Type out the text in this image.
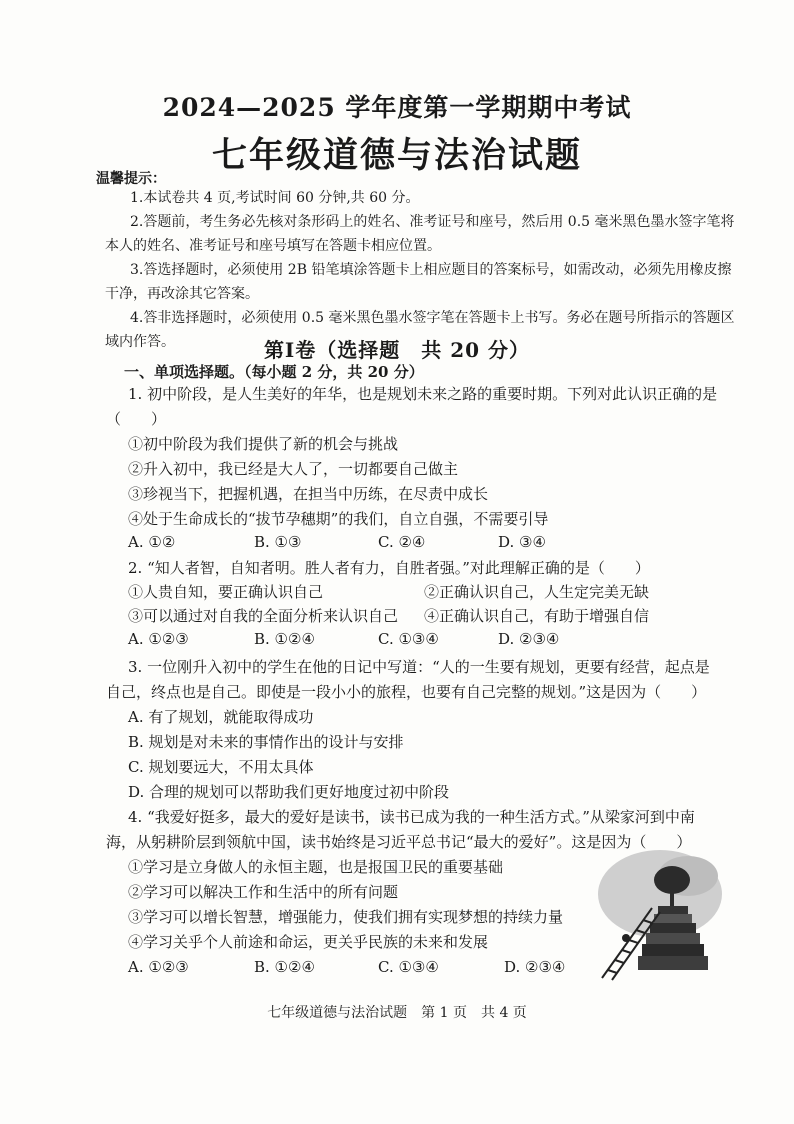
2024—2025 学年度第一学期期中考试
七年级道德与法治试题
温馨提示：

1.本试卷共 4 页,考试时间 60 分钟,共 60 分。

2.答题前，考生务必先核对条形码上的姓名、准考证号和座号，然后用 0.5 毫米黑色墨水签字笔将本人的姓名、准考证号和座号填写在答题卡相应位置。

3.答选择题时，必须使用 2B 铅笔填涂答题卡上相应题目的答案标号，如需改动，必须先用橡皮擦干净，再改涂其它答案。

4.答非选择题时，必须使用 0.5 毫米黑色墨水签字笔在答题卡上书写。务必在题号所指示的答题区域内作答。	第Ⅰ卷（选择题　共 20 分）
一、单项选择题。（每小题 2 分，共 20 分）
1. 初中阶段，是人生美好的年华，也是规划未来之路的重要时期。下列对此认识正确的是
（　　）
①初中阶段为我们提供了新的机会与挑战
②升入初中，我已经是大人了，一切都要自己做主
③珍视当下，把握机遇，在担当中历练，在尽责中成长
④处于生命成长的“拔节孕穗期”的我们，自立自强，不需要引导
A. ①②	B. ①③	C. ②④	D. ③④
2. “知人者智，自知者明。胜人者有力，自胜者强。”对此理解正确的是（　　）
①人贵自知，要正确认识自己	②正确认识自己，人生定完美无缺
③可以通过对自我的全面分析来认识自己 ④正确认识自己，有助于增强自信
A. ①②③	B. ①②④	C. ①③④	D. ②③④
3. 一位刚升入初中的学生在他的日记中写道：“人的一生要有规划，更要有经营，起点是
自己，终点也是自己。即使是一段小小的旅程，也要有自己完整的规划。”这是因为（　　）
A. 有了规划，就能取得成功
B. 规划是对未来的事情作出的设计与安排
C. 规划要远大，不用太具体
D. 合理的规划可以帮助我们更好地度过初中阶段
4. “我爱好挺多，最大的爱好是读书，读书已成为我的一种生活方式。”从梁家河到中南
海，从躬耕阶层到领航中国，读书始终是习近平总书记“最大的爱好”。这是因为（　　）
①学习是立身做人的永恒主题，也是报国卫民的重要基础
②学习可以解决工作和生活中的所有问题
③学习可以增长智慧，增强能力，使我们拥有实现梦想的持续力量
④学习关乎个人前途和命运，更关乎民族的未来和发展
A. ①②③	B. ①②④	C. ①③④	D. ②③④
七年级道德与法治试题　第 1 页　共 4 页
